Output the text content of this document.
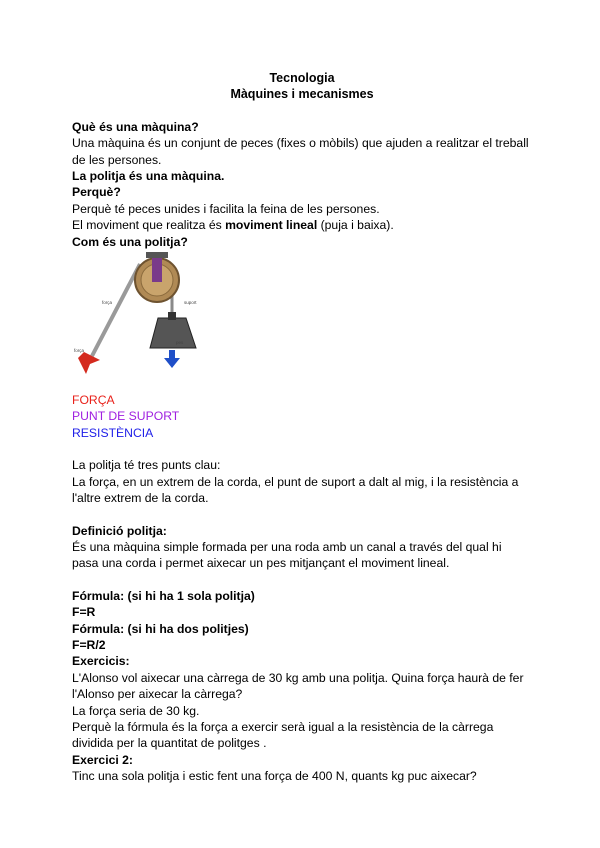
Tecnologia

Màquines i mecanismes

Què és una màquina?

Una màquina és un conjunt de peces (fixes o mòbils) que ajuden a realitzar el treball

de les persones.

La politja és una màquina.

Perquè?

Perquè té peces unides i facilita la feina de les persones.

El moviment que realitza és moviment lineal (puja i baixa).

Com és una politja?

força	suport
pes
força

FORÇA

PUNT DE SUPORT

RESISTÈNCIA

La politja té tres punts clau:

La força, en un extrem de la corda, el punt de suport a dalt al mig, i la resistència a

l'altre extrem de la corda.

Definició politja:

És una màquina simple formada per una roda amb un canal a través del qual hi

pasa una corda i permet aixecar un pes mitjançant el moviment lineal.

Fórmula: (si hi ha 1 sola politja)

F=R

Fórmula: (si hi ha dos politjes)

F=R/2

Exercicis:

L'Alonso vol aixecar una càrrega de 30 kg amb una politja. Quina força haurà de fer

l'Alonso per aixecar la càrrega?

La força seria de 30 kg.

Perquè la fórmula és la força a exercir serà igual a la resistència de la càrrega

dividida per la quantitat de politges .

Exercici 2:

Tinc una sola politja i estic fent una força de 400 N, quants kg puc aixecar?
